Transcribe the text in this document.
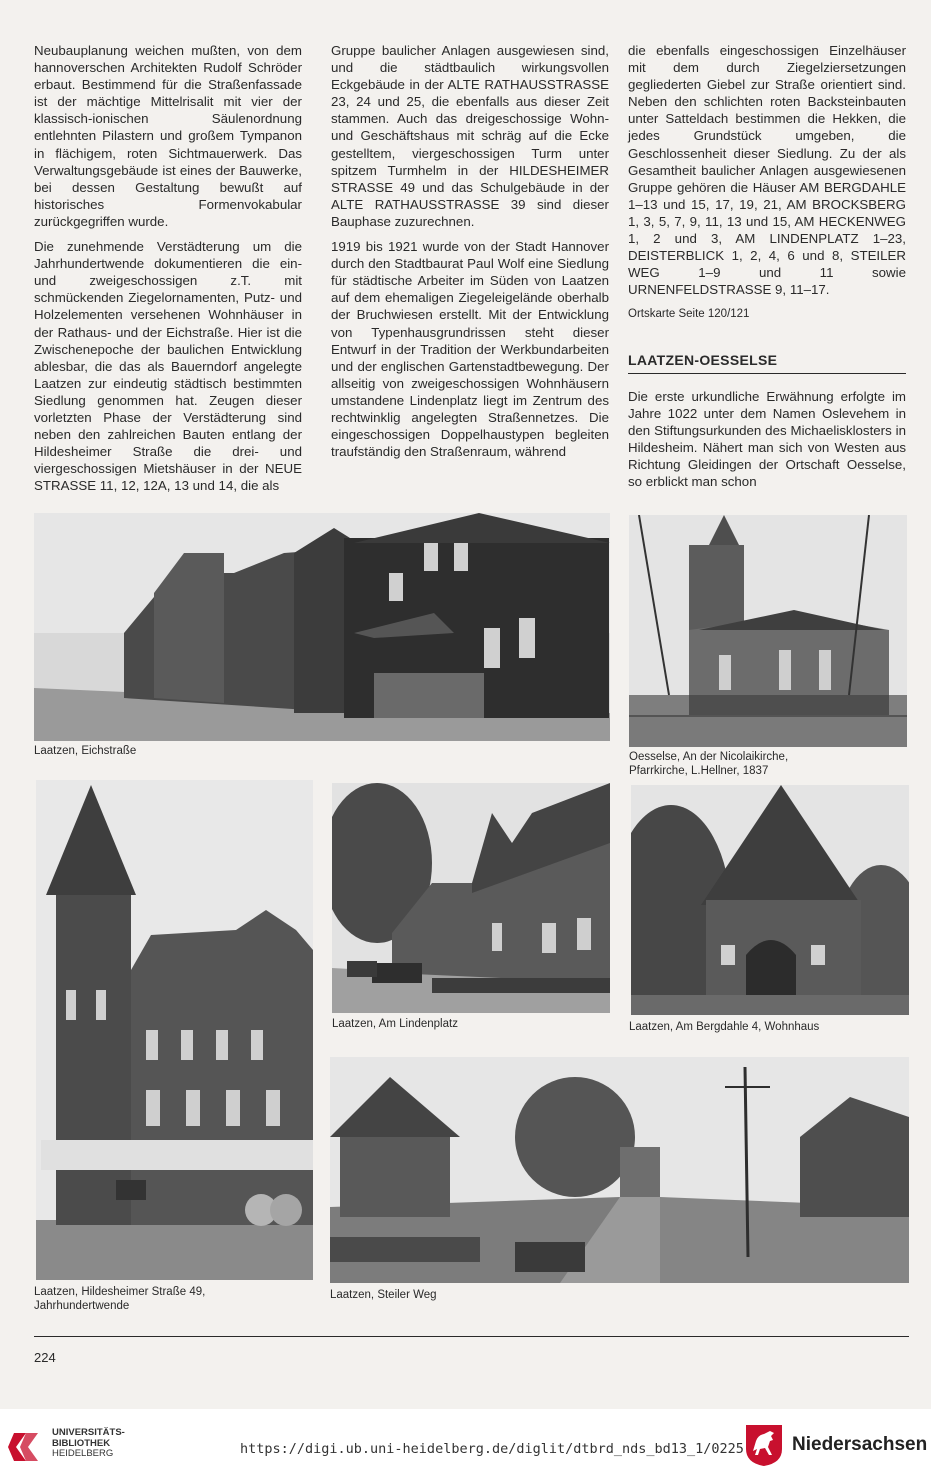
Neubauplanung weichen mußten, von dem hannoverschen Architekten Rudolf Schröder erbaut. Bestimmend für die Straßenfassade ist der mächtige Mittelrisalit mit vier der klassisch-ionischen Säulenordnung entlehnten Pilastern und großem Tympanon in flächigem, roten Sichtmauerwerk. Das Verwaltungsgebäude ist eines der Bauwerke, bei dessen Gestaltung bewußt auf historisches Formenvokabular zurückgegriffen wurde.

Die zunehmende Verstädterung um die Jahrhundertwende dokumentieren die ein- und zweigeschossigen z.T. mit schmückenden Ziegelornamenten, Putz- und Holzelementen versehenen Wohnhäuser in der Rathaus- und der Eichstraße. Hier ist die Zwischenepoche der baulichen Entwicklung ablesbar, die das als Bauerndorf angelegte Laatzen zur eindeutig städtisch bestimmten Siedlung genommen hat. Zeugen dieser vorletzten Phase der Verstädterung sind neben den zahlreichen Bauten entlang der Hildesheimer Straße die drei- und viergeschossigen Mietshäuser in der NEUE STRASSE 11, 12, 12A, 13 und 14, die als

Gruppe baulicher Anlagen ausgewiesen sind, und die städtbaulich wirkungsvollen Eckgebäude in der ALTE RATHAUSSTRASSE 23, 24 und 25, die ebenfalls aus dieser Zeit stammen. Auch das dreigeschossige Wohn- und Geschäftshaus mit schräg auf die Ecke gestelltem, viergeschossigen Turm unter spitzem Turmhelm in der HILDESHEIMER STRASSE 49 und das Schulgebäude in der ALTE RATHAUSSTRASSE 39 sind dieser Bauphase zuzurechnen.

1919 bis 1921 wurde von der Stadt Hannover durch den Stadtbaurat Paul Wolf eine Siedlung für städtische Arbeiter im Süden von Laatzen auf dem ehemaligen Ziegeleigelände oberhalb der Bruchwiesen erstellt. Mit der Entwicklung von Typenhausgrundrissen steht dieser Entwurf in der Tradition der Werkbundarbeiten und der englischen Gartenstadtbewegung. Der allseitig von zweigeschossigen Wohnhäusern umstandene Lindenplatz liegt im Zentrum des rechtwinklig angelegten Straßennetzes. Die eingeschossigen Doppelhaustypen begleiten traufständig den Straßenraum, während

die ebenfalls eingeschossigen Einzelhäuser mit dem durch Ziegelziersetzungen gegliederten Giebel zur Straße orientiert sind. Neben den schlichten roten Backsteinbauten unter Satteldach bestimmen die Hekken, die jedes Grundstück umgeben, die Geschlossenheit dieser Siedlung. Zu der als Gesamtheit baulicher Anlagen ausgewiesenen Gruppe gehören die Häuser AM BERGDAHLE 1–13 und 15, 17, 19, 21, AM BROCKSBERG 1, 3, 5, 7, 9, 11, 13 und 15, AM HECKENWEG 1, 2 und 3, AM LINDENPLATZ 1–23, DEISTERBLICK 1, 2, 4, 6 und 8, STEILER WEG 1–9 und 11 sowie URNENFELDSTRASSE 9, 11–17.

Ortskarte Seite 120/121
LAATZEN-OESSELSE

Die erste urkundliche Erwähnung erfolgte im Jahre 1022 unter dem Namen Oslevehem in den Stiftungsurkunden des Michaelisklosters in Hildesheim. Nähert man sich von Westen aus Richtung Gleidingen der Ortschaft Oesselse, so erblickt man schon

Laatzen, Eichstraße	Oesselse, An der Nicolaikirche,
Pfarrkirche, L.Hellner, 1837
Laatzen, Hildesheimer Straße 49,
Jahrhundertwende
Laatzen, Am Lindenplatz	Laatzen, Am Bergdahle 4, Wohnhaus
Laatzen, Steiler Weg
224
UNIVERSITÄTS-
BIBLIOTHEK
HEIDELBERG	https://digi.ub.uni-heidelberg.de/diglit/dtbrd_nds_bd13_1/0225	Niedersachsen
